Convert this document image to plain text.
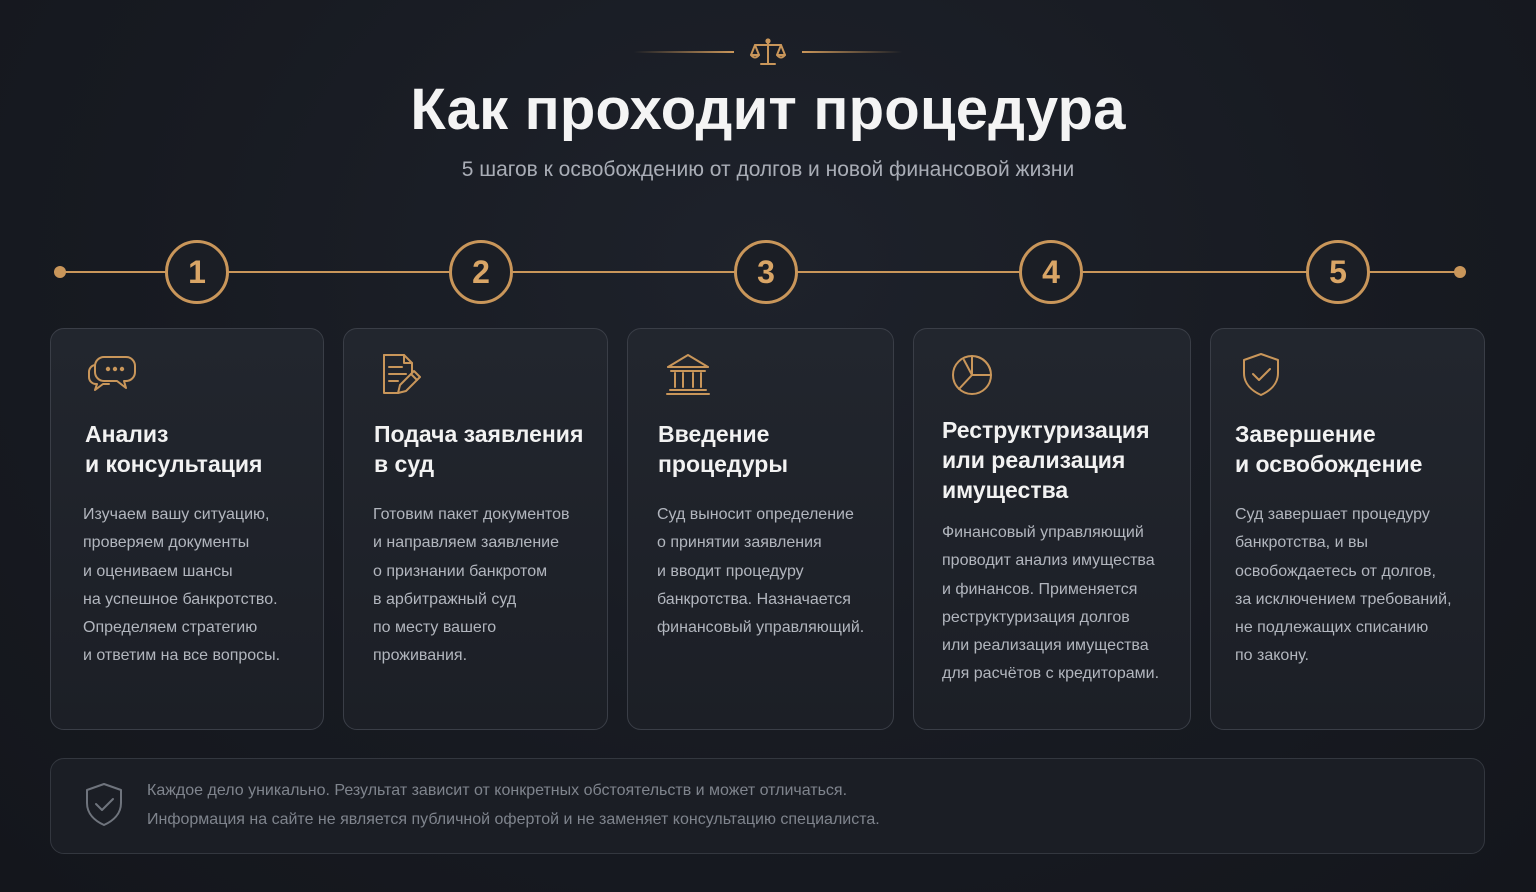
Как проходит процедура
5 шагов к освобождению от долгов и новой финансовой жизни
1	2	3	4	5
Анализ
и консультация
Изучаем вашу ситуацию,
проверяем документы
и оцениваем шансы
на успешное банкротство.
Определяем стратегию
и ответим на все вопросы.
Подача заявления
в суд
Готовим пакет документов
и направляем заявление
о признании банкротом
в арбитражный суд
по месту вашего
проживания.
Введение
процедуры
Суд выносит определение
о принятии заявления
и вводит процедуру
банкротства. Назначается
финансовый управляющий.
Реструктуризация
или реализация
имущества
Финансовый управляющий
проводит анализ имущества
и финансов. Применяется
реструктуризация долгов
или реализация имущества
для расчётов с кредиторами.
Завершение
и освобождение
Суд завершает процедуру
банкротства, и вы
освобождаетесь от долгов,
за исключением требований,
не подлежащих списанию
по закону.
Каждое дело уникально. Результат зависит от конкретных обстоятельств и может отличаться.
Информация на сайте не является публичной офертой и не заменяет консультацию специалиста.
